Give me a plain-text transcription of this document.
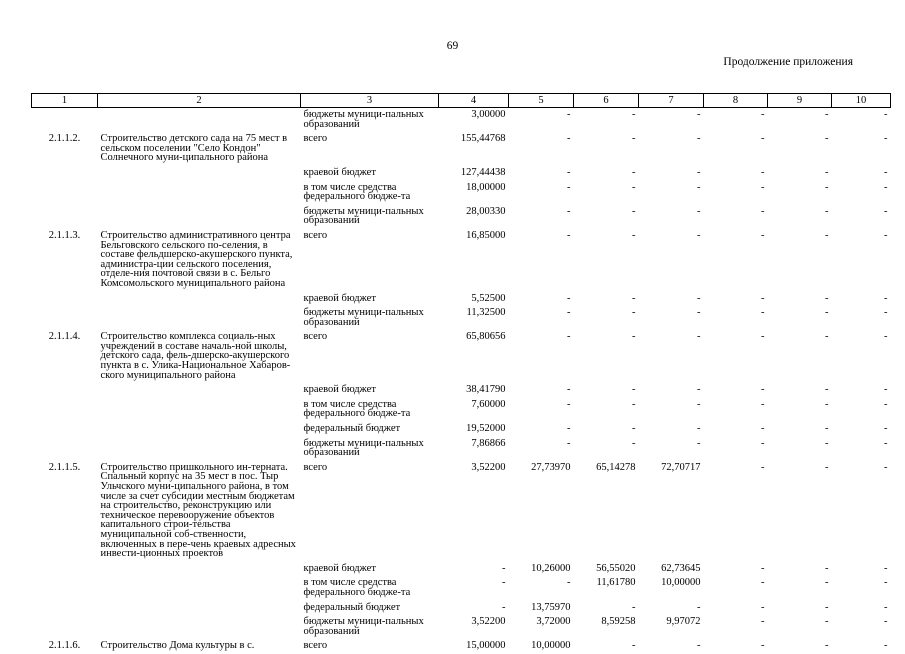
69
Продолжение приложения
1	2	3	4	5	6	7	8	9	10
		бюджеты муници-пальных образований	3,00000	-	-	-	-	-	-
2.1.1.2.	Строительство детского сада на 75 мест в сельском поселении "Село Кондон" Солнечного муни-ципального района	всего	155,44768	-	-	-	-	-	-
		краевой бюджет	127,44438	-	-	-	-	-	-
		в том числе средства федерального бюдже-та	18,00000	-	-	-	-	-	-
		бюджеты муници-пальных образований	28,00330	-	-	-	-	-	-
2.1.1.3.	Строительство административного центра Бельговского сельского по-селения, в составе фельдшерско-акушерского пункта, администра-ции сельского поселения, отделе-ния почтовой связи в с. Бельго Комсомольского муниципального района	всего	16,85000	-	-	-	-	-	-
		краевой бюджет	5,52500	-	-	-	-	-	-
		бюджеты муници-пальных образований	11,32500	-	-	-	-	-	-
2.1.1.4.	Строительство комплекса социаль-ных учреждений в составе началь-ной школы, детского сада, фель-дшерско-акушерского пункта в с. Улика-Национальное Хабаров-ского муниципального района	всего	65,80656	-	-	-	-	-	-
		краевой бюджет	38,41790	-	-	-	-	-	-
		в том числе средства федерального бюдже-та	7,60000	-	-	-	-	-	-
		федеральный бюджет	19,52000	-	-	-	-	-	-
		бюджеты муници-пальных образований	7,86866	-	-	-	-	-	-
2.1.1.5.	Строительство пришкольного ин-терната. Спальный корпус на 35 мест в пос. Тыр Ульчского муни-ципального района, в том числе за счет субсидии местным бюджетам на строительство, реконструкцию или техническое перевооружение объектов капитального строи-тельства муниципальной соб-ственности, включенных в пере-чень краевых адресных инвести-ционных проектов	всего	3,52200	27,73970	65,14278	72,70717	-	-	-
		краевой бюджет	-	10,26000	56,55020	62,73645	-	-	-
		в том числе средства федерального бюдже-та	-	-	11,61780	10,00000	-	-	-
		федеральный бюджет	-	13,75970	-	-	-	-	-
		бюджеты муници-пальных образований	3,52200	3,72000	8,59258	9,97072	-	-	-
2.1.1.6.	Строительство Дома культуры в с.	всего	15,00000	10,00000	-	-	-	-	-
